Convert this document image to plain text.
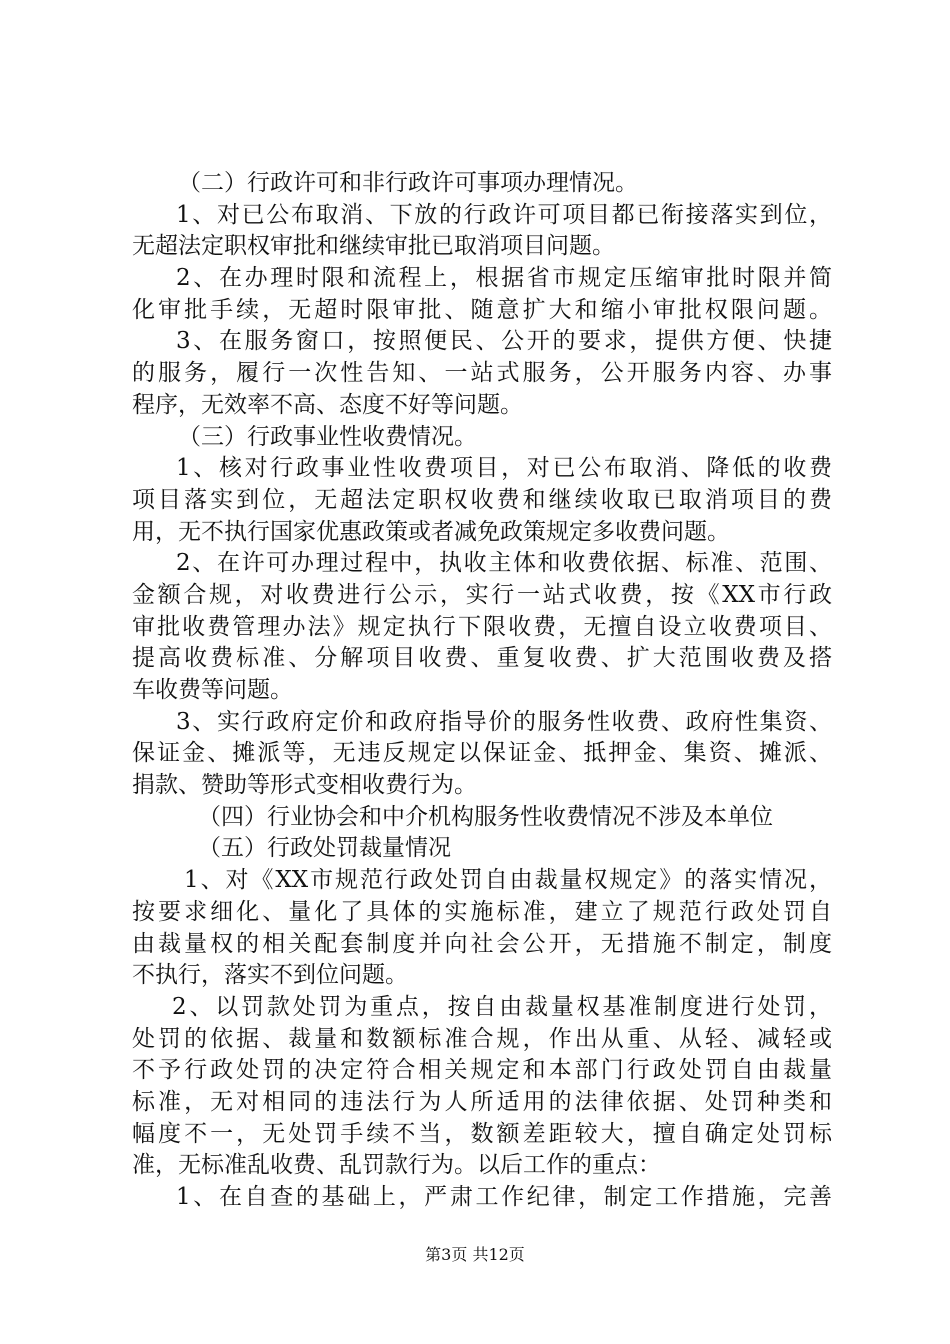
（二）行政许可和非行政许可事项办理情况。
1、对已公布取消、下放的行政许可项目都已衔接落实到位，
无超法定职权审批和继续审批已取消项目问题。
2、在办理时限和流程上，根据省市规定压缩审批时限并简
化审批手续，无超时限审批、随意扩大和缩小审批权限问题。
3、在服务窗口，按照便民、公开的要求，提供方便、快捷
的服务，履行一次性告知、一站式服务，公开服务内容、办事
程序，无效率不高、态度不好等问题。
（三）行政事业性收费情况。
1、核对行政事业性收费项目，对已公布取消、降低的收费
项目落实到位，无超法定职权收费和继续收取已取消项目的费
用，无不执行国家优惠政策或者减免政策规定多收费问题。
2、在许可办理过程中，执收主体和收费依据、标准、范围、
金额合规，对收费进行公示，实行一站式收费，按《XX市行政
审批收费管理办法》规定执行下限收费，无擅自设立收费项目、
提高收费标准、分解项目收费、重复收费、扩大范围收费及搭
车收费等问题。
3、实行政府定价和政府指导价的服务性收费、政府性集资、
保证金、摊派等，无违反规定以保证金、抵押金、集资、摊派、
捐款、赞助等形式变相收费行为。
（四）行业协会和中介机构服务性收费情况不涉及本单位
（五）行政处罚裁量情况
1、对《XX市规范行政处罚自由裁量权规定》的落实情况，
按要求细化、量化了具体的实施标准，建立了规范行政处罚自
由裁量权的相关配套制度并向社会公开，无措施不制定，制度
不执行，落实不到位问题。
2、以罚款处罚为重点，按自由裁量权基准制度进行处罚，
处罚的依据、裁量和数额标准合规，作出从重、从轻、减轻或
不予行政处罚的决定符合相关规定和本部门行政处罚自由裁量
标准，无对相同的违法行为人所适用的法律依据、处罚种类和
幅度不一，无处罚手续不当，数额差距较大，擅自确定处罚标
准，无标准乱收费、乱罚款行为。以后工作的重点：
1、在自查的基础上，严肃工作纪律，制定工作措施，完善
第3页 共12页
